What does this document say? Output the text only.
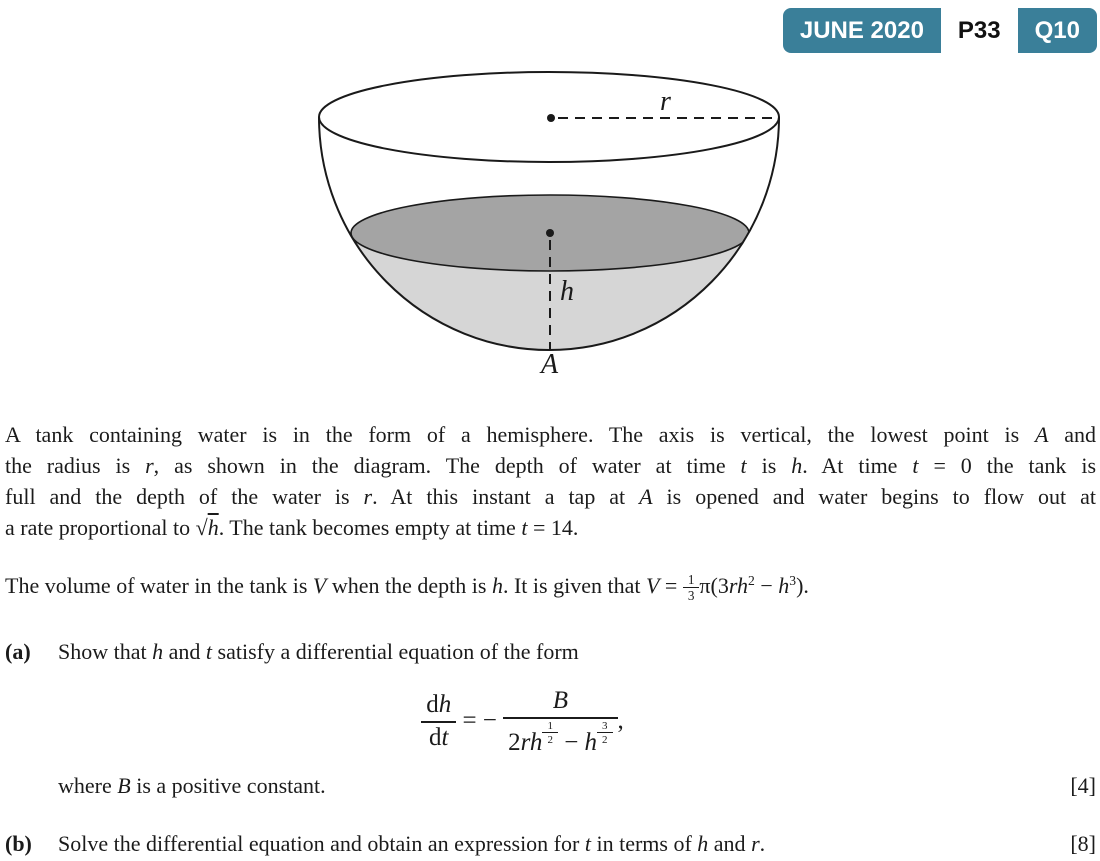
JUNE 2020	P33	Q10
r
h
A
A tank containing water is in the form of a hemisphere. The axis is vertical, the lowest point is A and
the radius is r, as shown in the diagram. The depth of water at time t is h. At time t = 0 the tank is
full and the depth of the water is r. At this instant a tap at A is opened and water begins to flow out at
a rate proportional to √h. The tank becomes empty at time t = 14.
The volume of water in the tank is V when the depth is h. It is given that $V = \frac{1}{3} \pi(3rh^2 - h^3)$.
(a)	Show that h and t satisfy a differential equation of the form
$\frac{dh}{dt}$ = − $\frac{B}{2rh \frac{1}{2} - h \frac{3}{2}}$ ,
where B is a positive constant.	[4]
(b)	Solve the differential equation and obtain an expression for t in terms of h and r.	[8]
